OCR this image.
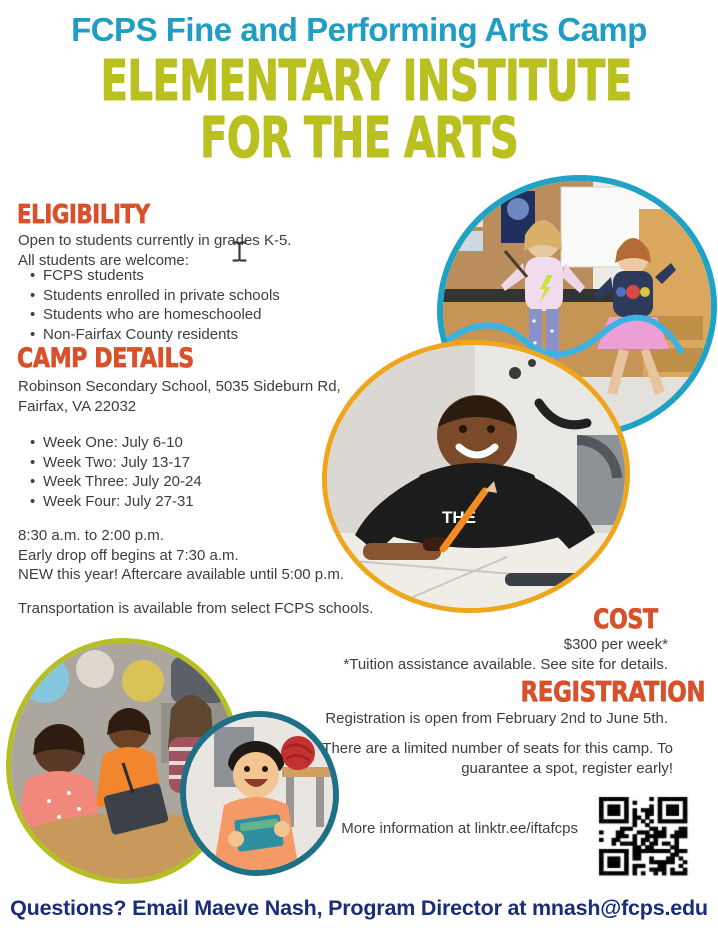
FCPS Fine and Performing Arts Camp
ELEMENTARY INSTITUTE
FOR THE ARTS
THE
ELIGIBILITY
Open to students currently in grades K-5.
All students are welcome:
• FCPS students
• Students enrolled in private schools
• Students who are homeschooled
• Non-Fairfax County residents
CAMP DETAILS
Robinson Secondary School, 5035 Sideburn Rd,
Fairfax, VA 22032
• Week One: July 6-10
• Week Two: July 13-17
• Week Three: July 20-24
• Week Four: July 27-31
8:30 a.m. to 2:00 p.m.
Early drop off begins at 7:30 a.m.
NEW this year! Aftercare available until 5:00 p.m.
Transportation is available from select FCPS schools.	COST
$300 per week*
*Tuition assistance available. See site for details.
REGISTRATION
Registration is open from February 2nd to June 5th.
There are a limited number of seats for this camp. To guarantee a spot, register early!
More information at linktr.ee/iftafcps
Questions? Email Maeve Nash, Program Director at mnash@fcps.edu
